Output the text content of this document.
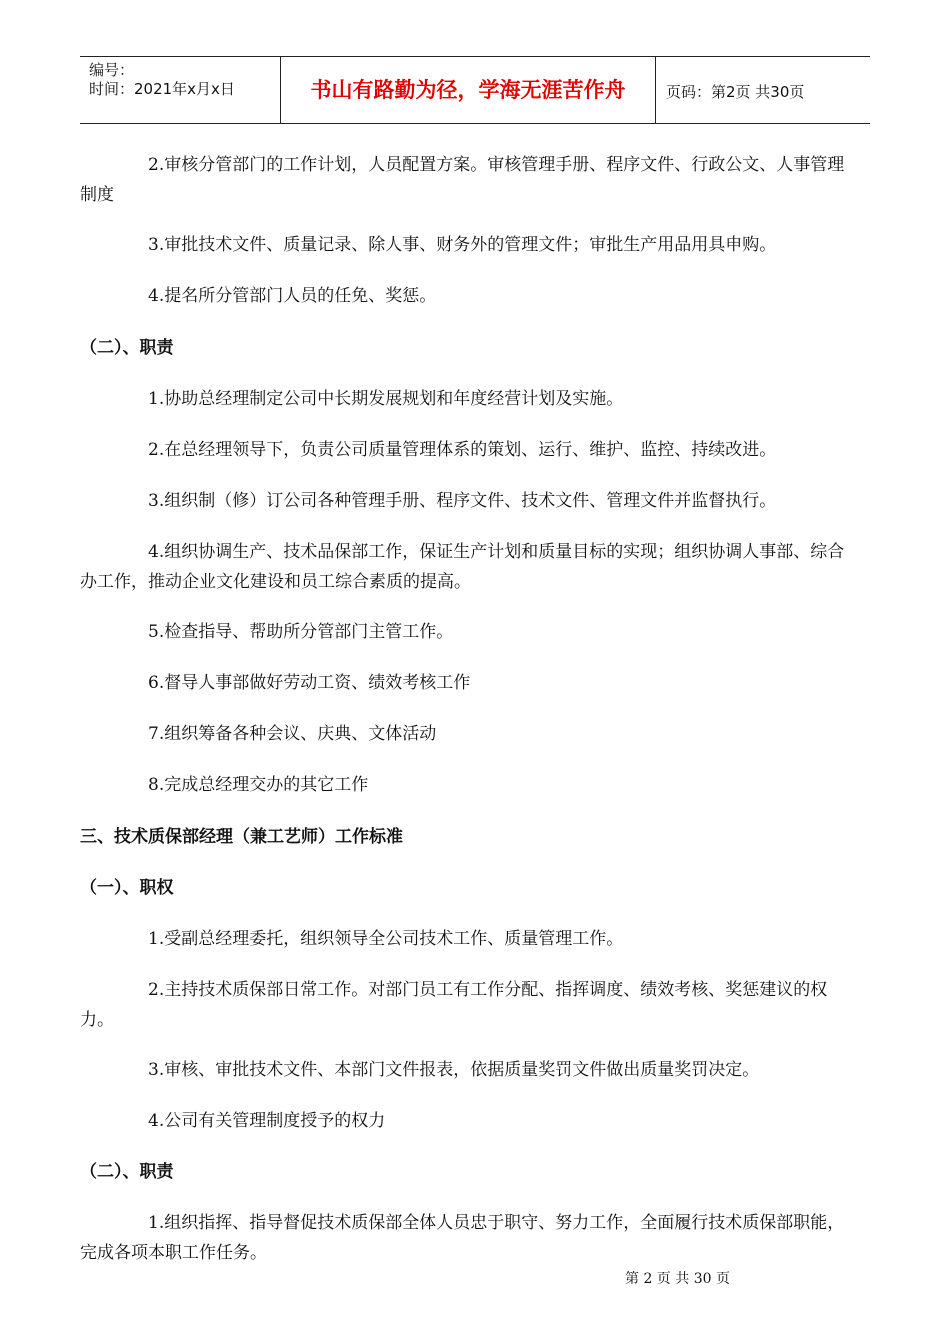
编号：
时间：2021年x月x日	书山有路勤为径，学海无涯苦作舟	页码：第2页 共30页

2.审核分管部门的工作计划，人员配置方案。审核管理手册、程序文件、行政公文、人事管理制度

3.审批技术文件、质量记录、除人事、财务外的管理文件；审批生产用品用具申购。

4.提名所分管部门人员的任免、奖惩。

（二）、职责

1.协助总经理制定公司中长期发展规划和年度经营计划及实施。

2.在总经理领导下，负责公司质量管理体系的策划、运行、维护、监控、持续改进。

3.组织制（修）订公司各种管理手册、程序文件、技术文件、管理文件并监督执行。

4.组织协调生产、技术品保部工作，保证生产计划和质量目标的实现；组织协调人事部、综合办工作，推动企业文化建设和员工综合素质的提高。

5.检查指导、帮助所分管部门主管工作。

6.督导人事部做好劳动工资、绩效考核工作

7.组织筹备各种会议、庆典、文体活动

8.完成总经理交办的其它工作

三、技术质保部经理（兼工艺师）工作标准

（一）、职权

1.受副总经理委托，组织领导全公司技术工作、质量管理工作。

2.主持技术质保部日常工作。对部门员工有工作分配、指挥调度、绩效考核、奖惩建议的权力。

3.审核、审批技术文件、本部门文件报表，依据质量奖罚文件做出质量奖罚决定。

4.公司有关管理制度授予的权力

（二）、职责

1.组织指挥、指导督促技术质保部全体人员忠于职守、努力工作，全面履行技术质保部职能，完成各项本职工作任务。

第 2 页 共 30 页
